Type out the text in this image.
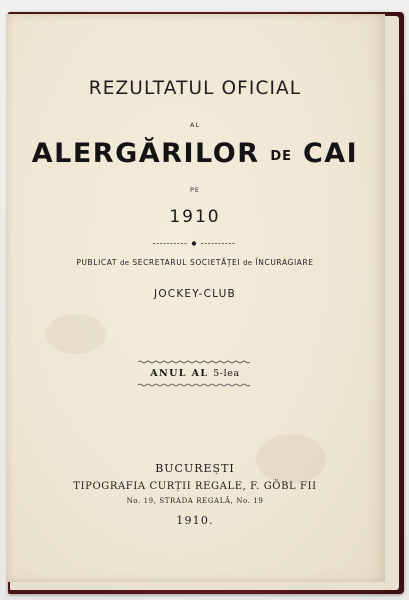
REZULTATUL OFICIAL
AL
ALERGĂRILOR DE CAI
PE
1910
PUBLICAT de SECRETARUL SOCIETĂȚEI de ÎNCURAGIARE
JOCKEY-CLUB
ANUL AL 5-lea
BUCUREȘTI
TIPOGRAFIA CURȚII REGALE, F. GÖBL FII
No. 19, STRADA REGALĂ, No. 19
1910.
